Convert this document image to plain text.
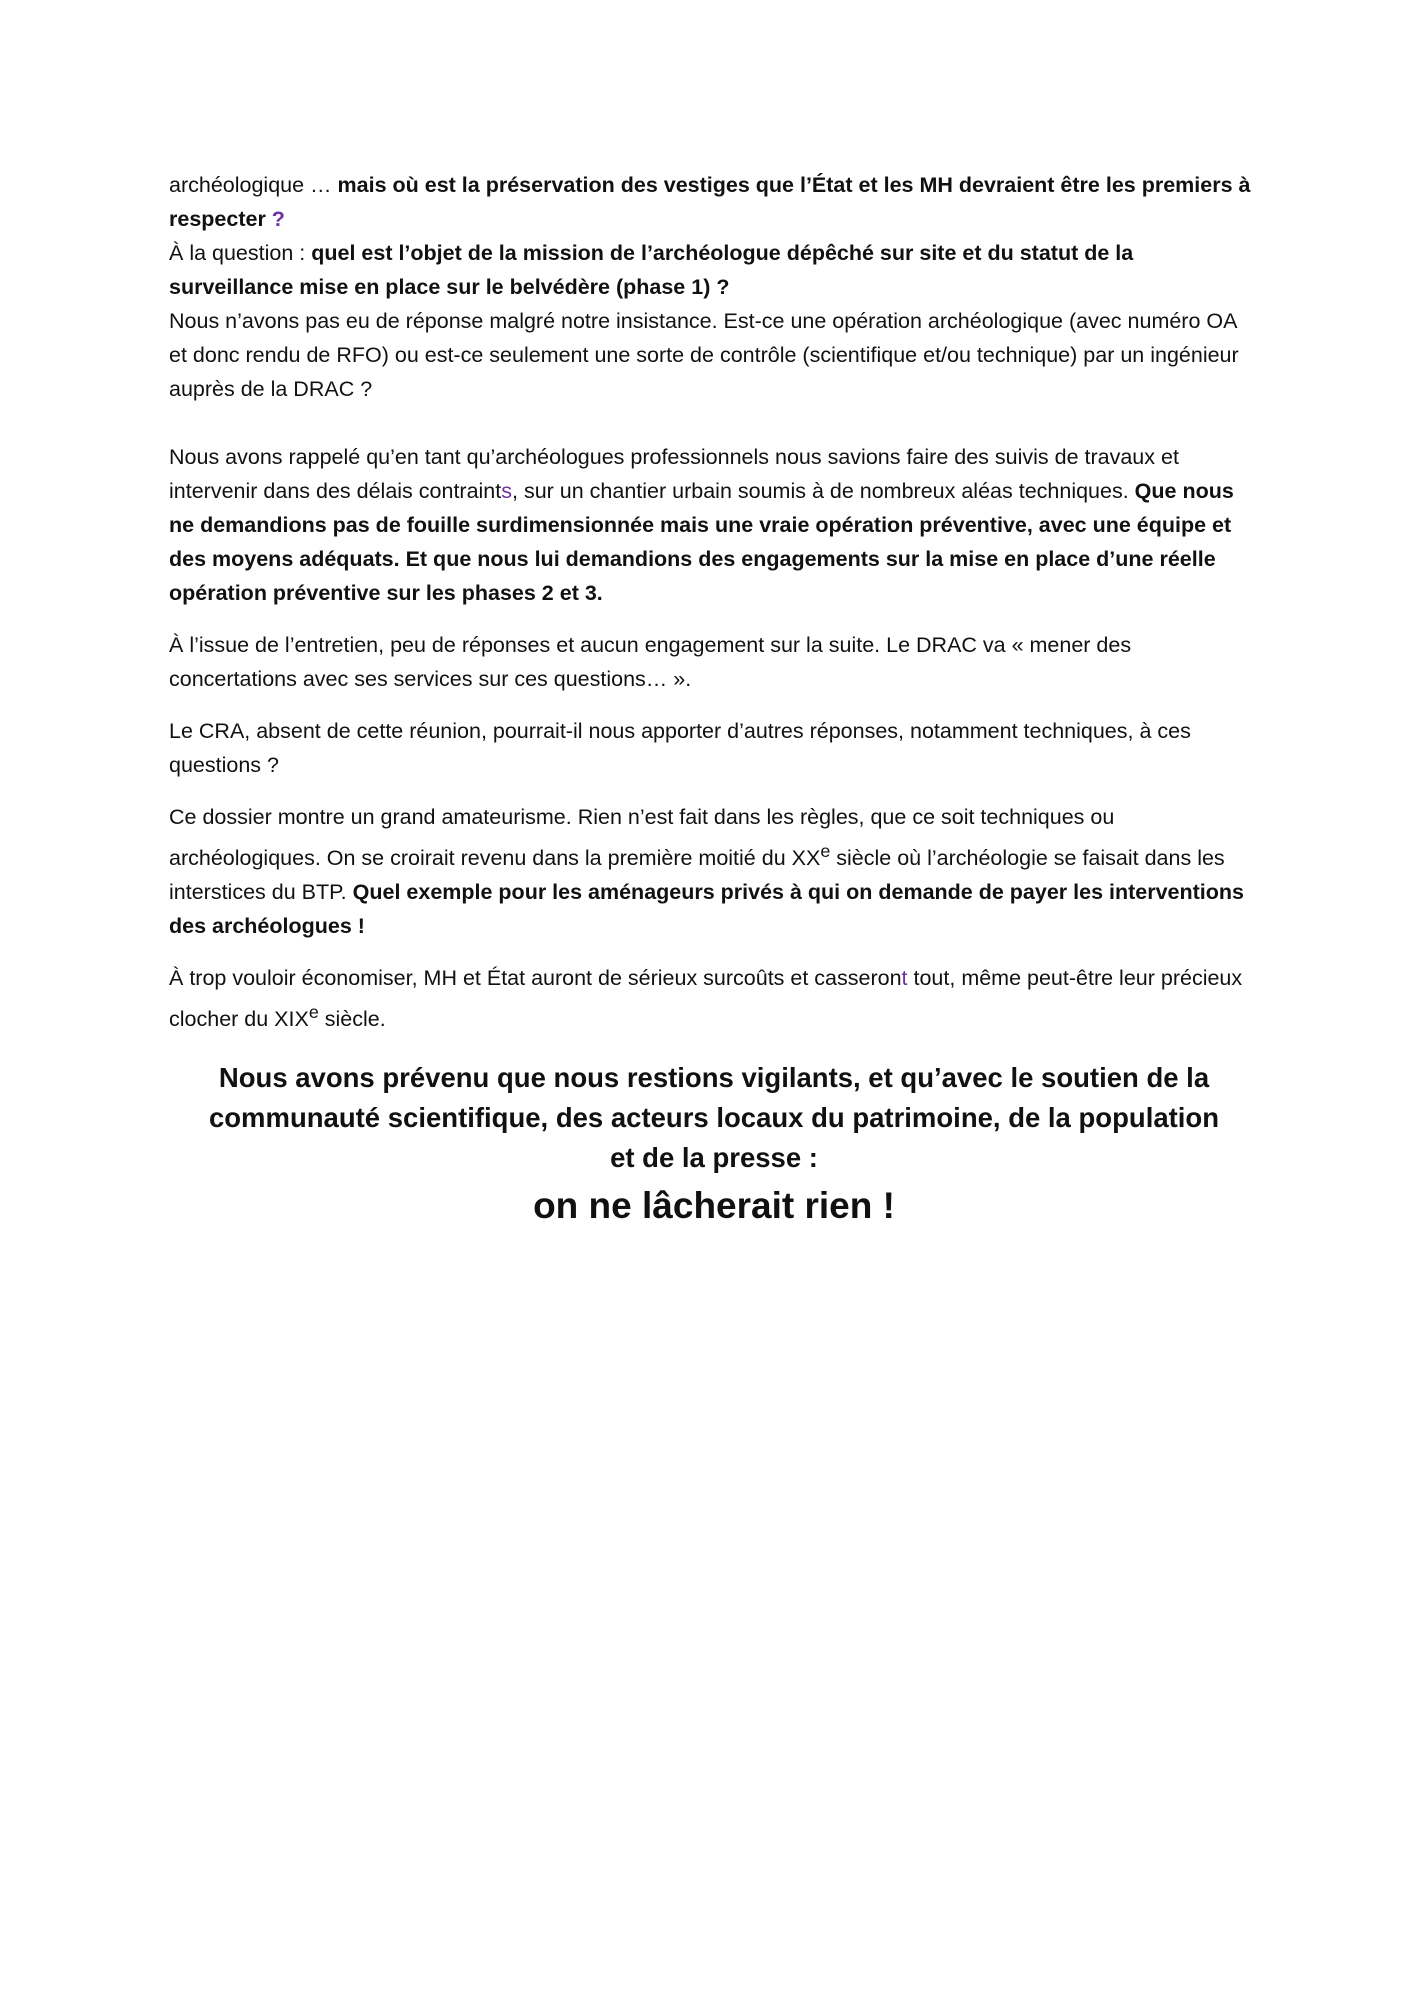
archéologique … mais où est la préservation des vestiges que l’État et les MH devraient être les premiers à respecter ?

À la question : quel est l’objet de la mission de l’archéologue dépêché sur site et du statut de la surveillance mise en place sur le belvédère (phase 1) ?

Nous n’avons pas eu de réponse malgré notre insistance. Est-ce une opération archéologique (avec numéro OA et donc rendu de RFO) ou est-ce seulement une sorte de contrôle (scientifique et/ou technique) par un ingénieur auprès de la DRAC ?

Nous avons rappelé qu’en tant qu’archéologues professionnels nous savions faire des suivis de travaux et intervenir dans des délais contraints, sur un chantier urbain soumis à de nombreux aléas techniques. Que nous ne demandions pas de fouille surdimensionnée mais une vraie opération préventive, avec une équipe et des moyens adéquats. Et que nous lui demandions des engagements sur la mise en place d’une réelle opération préventive sur les phases 2 et 3.

À l’issue de l’entretien, peu de réponses et aucun engagement sur la suite. Le DRAC va « mener des concertations avec ses services sur ces questions… ».

Le CRA, absent de cette réunion, pourrait-il nous apporter d’autres réponses, notamment techniques, à ces questions ?

Ce dossier montre un grand amateurisme. Rien n’est fait dans les règles, que ce soit techniques ou archéologiques. On se croirait revenu dans la première moitié du XXe siècle où l’archéologie se faisait dans les interstices du BTP. Quel exemple pour les aménageurs privés à qui on demande de payer les interventions des archéologues !

À trop vouloir économiser, MH et État auront de sérieux surcoûts et casseront tout, même peut-être leur précieux clocher du XIXe siècle.

Nous avons prévenu que nous restions vigilants, et qu’avec le soutien de la
communauté scientifique, des acteurs locaux du patrimoine, de la population
et de la presse :
on ne lâcherait rien !
